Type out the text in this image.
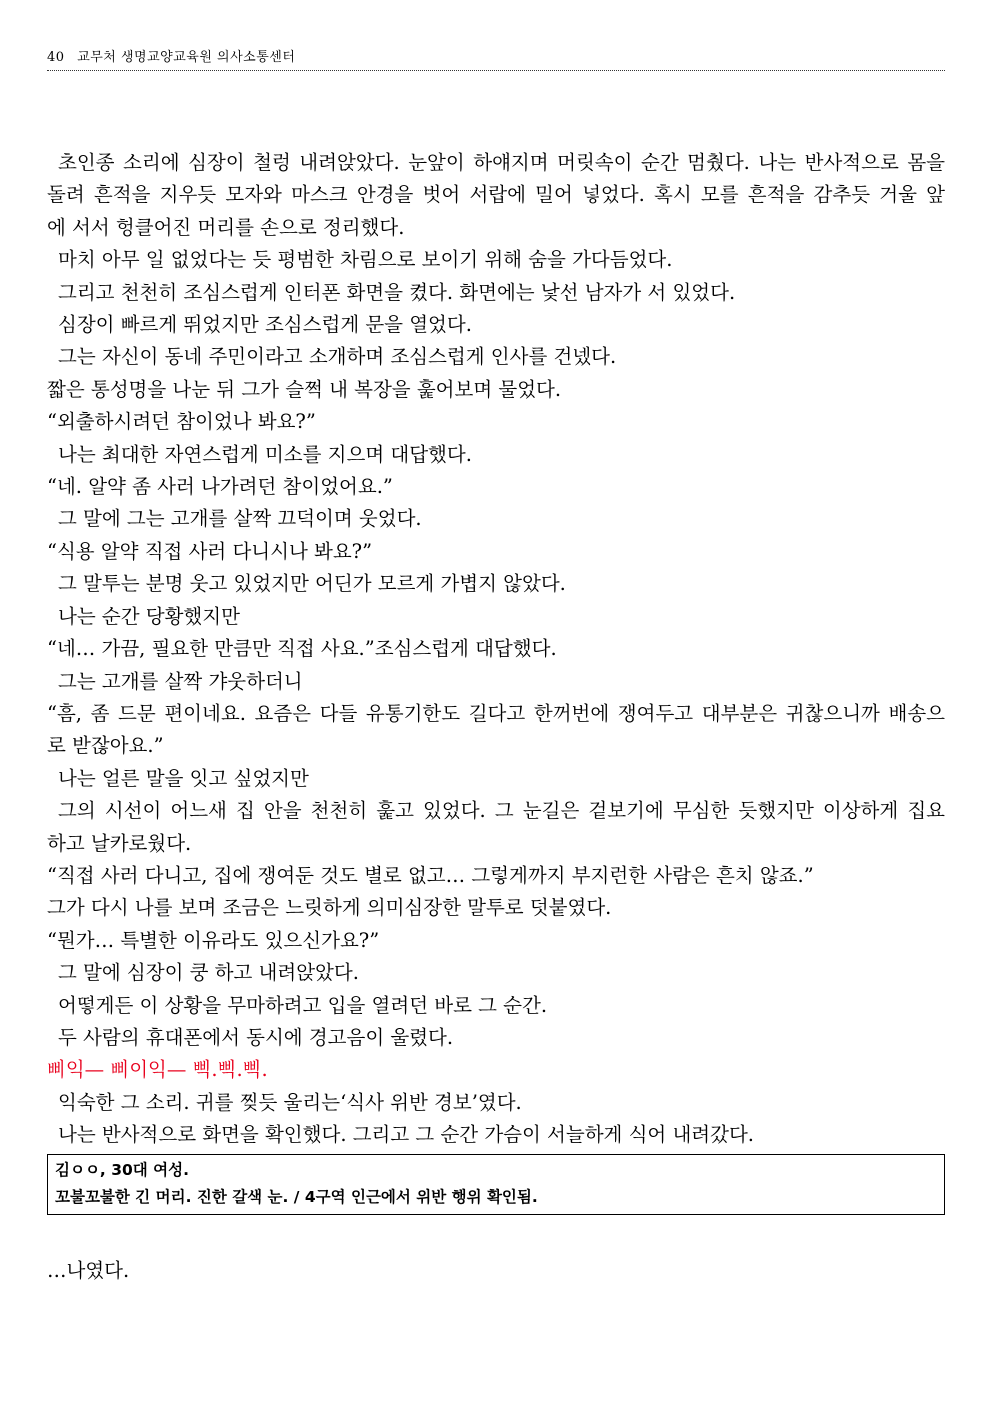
40 교무처 생명교양교육원 의사소통센터
초인종 소리에 심장이 철렁 내려앉았다. 눈앞이 하얘지며 머릿속이 순간 멈췄다. 나는 반사적으로 몸을
돌려 흔적을 지우듯 모자와 마스크 안경을 벗어 서랍에 밀어 넣었다. 혹시 모를 흔적을 감추듯 거울 앞
에 서서 헝클어진 머리를 손으로 정리했다.
마치 아무 일 없었다는 듯 평범한 차림으로 보이기 위해 숨을 가다듬었다.
그리고 천천히 조심스럽게 인터폰 화면을 켰다. 화면에는 낯선 남자가 서 있었다.
심장이 빠르게 뛰었지만 조심스럽게 문을 열었다.
그는 자신이 동네 주민이라고 소개하며 조심스럽게 인사를 건넸다.
짧은 통성명을 나눈 뒤 그가 슬쩍 내 복장을 훑어보며 물었다.
“외출하시려던 참이었나 봐요?”
나는 최대한 자연스럽게 미소를 지으며 대답했다.
“네. 알약 좀 사러 나가려던 참이었어요.”
그 말에 그는 고개를 살짝 끄덕이며 웃었다.
“식용 알약 직접 사러 다니시나 봐요?”
그 말투는 분명 웃고 있었지만 어딘가 모르게 가볍지 않았다.
나는 순간 당황했지만
“네… 가끔, 필요한 만큼만 직접 사요.”조심스럽게 대답했다.
그는 고개를 살짝 갸웃하더니
“흠, 좀 드문 편이네요. 요즘은 다들 유통기한도 길다고 한꺼번에 쟁여두고 대부분은 귀찮으니까 배송으
로 받잖아요.”
나는 얼른 말을 잇고 싶었지만
그의 시선이 어느새 집 안을 천천히 훑고 있었다. 그 눈길은 겉보기에 무심한 듯했지만 이상하게 집요
하고 날카로웠다.
“직접 사러 다니고, 집에 쟁여둔 것도 별로 없고… 그렇게까지 부지런한 사람은 흔치 않죠.”
그가 다시 나를 보며 조금은 느릿하게 의미심장한 말투로 덧붙였다.
“뭔가… 특별한 이유라도 있으신가요?”
그 말에 심장이 쿵 하고 내려앉았다.
어떻게든 이 상황을 무마하려고 입을 열려던 바로 그 순간.
두 사람의 휴대폰에서 동시에 경고음이 울렸다.
삐익— 삐이익— 삑.삑.삑.
익숙한 그 소리. 귀를 찢듯 울리는‘식사 위반 경보’였다.
나는 반사적으로 화면을 확인했다. 그리고 그 순간 가슴이 서늘하게 식어 내려갔다.
김ㅇㅇ, 30대 여성.
꼬불꼬불한 긴 머리. 진한 갈색 눈. / 4구역 인근에서 위반 행위 확인됨.
…나였다.
